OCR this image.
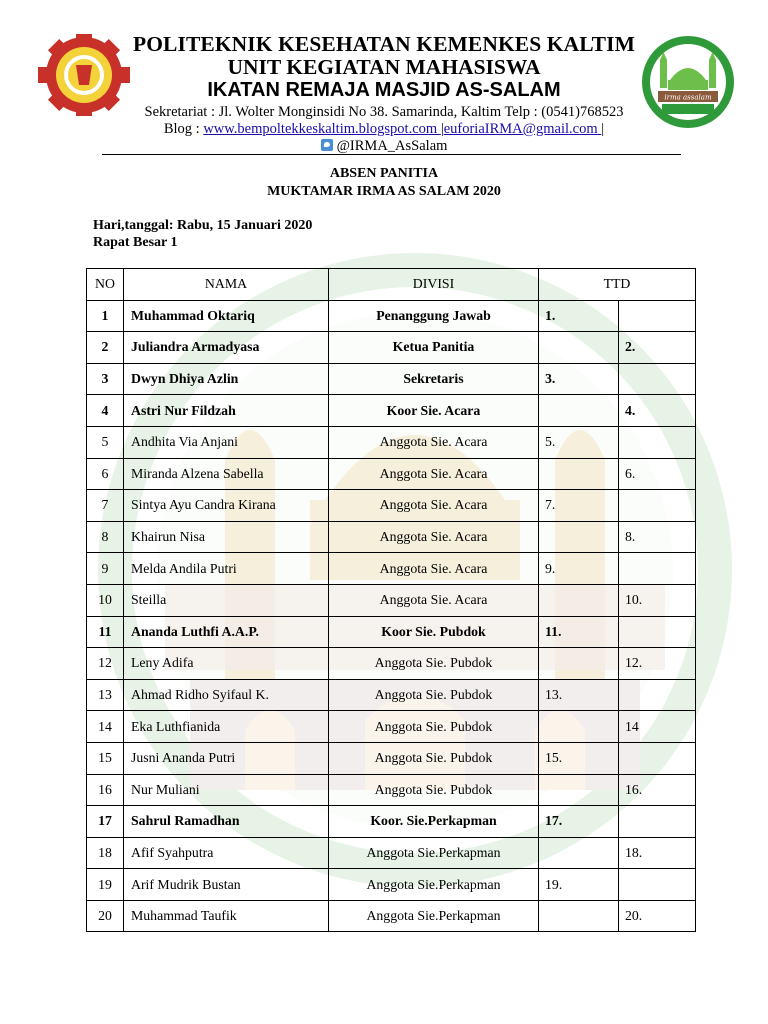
irma assalam
POLITEKNIK KESEHATAN KEMENKES KALTIM
UNIT KEGIATAN MAHASISWA
IKATAN REMAJA MASJID AS-SALAM
Sekretariat : Jl. Wolter Monginsidi No 38. Samarinda, Kaltim Telp : (0541)768523
Blog : www.bempoltekkeskaltim.blogspot.com |euforiaIRMA@gmail.com |
@IRMA_AsSalam
ABSEN PANITIA
MUKTAMAR IRMA AS SALAM 2020
Hari,tanggal: Rabu, 15 Januari 2020
Rapat Besar 1
NO	NAMA	DIVISI	TTD	
1	Muhammad Oktariq	Penanggung Jawab	1.	
2	Juliandra Armadyasa	Ketua Panitia		2.
3	Dwyn Dhiya Azlin	Sekretaris	3.	
4	Astri Nur Fildzah	Koor Sie. Acara		4.
5	Andhita Via Anjani	Anggota Sie. Acara	5.	
6	Miranda Alzena Sabella	Anggota Sie. Acara		6.
7	Sintya Ayu Candra Kirana	Anggota Sie. Acara	7.	
8	Khairun Nisa	Anggota Sie. Acara		8.
9	Melda Andila Putri	Anggota Sie. Acara	9.	
10	Steilla	Anggota Sie. Acara		10.
11	Ananda Luthfi A.A.P.	Koor Sie. Pubdok	11.	
12	Leny Adifa	Anggota Sie. Pubdok		12.
13	Ahmad Ridho Syifaul K.	Anggota Sie. Pubdok	13.	
14	Eka Luthfianida	Anggota Sie. Pubdok		14
15	Jusni Ananda Putri	Anggota Sie. Pubdok	15.	
16	Nur Muliani	Anggota Sie. Pubdok		16.
17	Sahrul Ramadhan	Koor. Sie.Perkapman	17.	
18	Afif Syahputra	Anggota Sie.Perkapman		18.
19	Arif Mudrik Bustan	Anggota Sie.Perkapman	19.	
20	Muhammad Taufik	Anggota Sie.Perkapman		20.
